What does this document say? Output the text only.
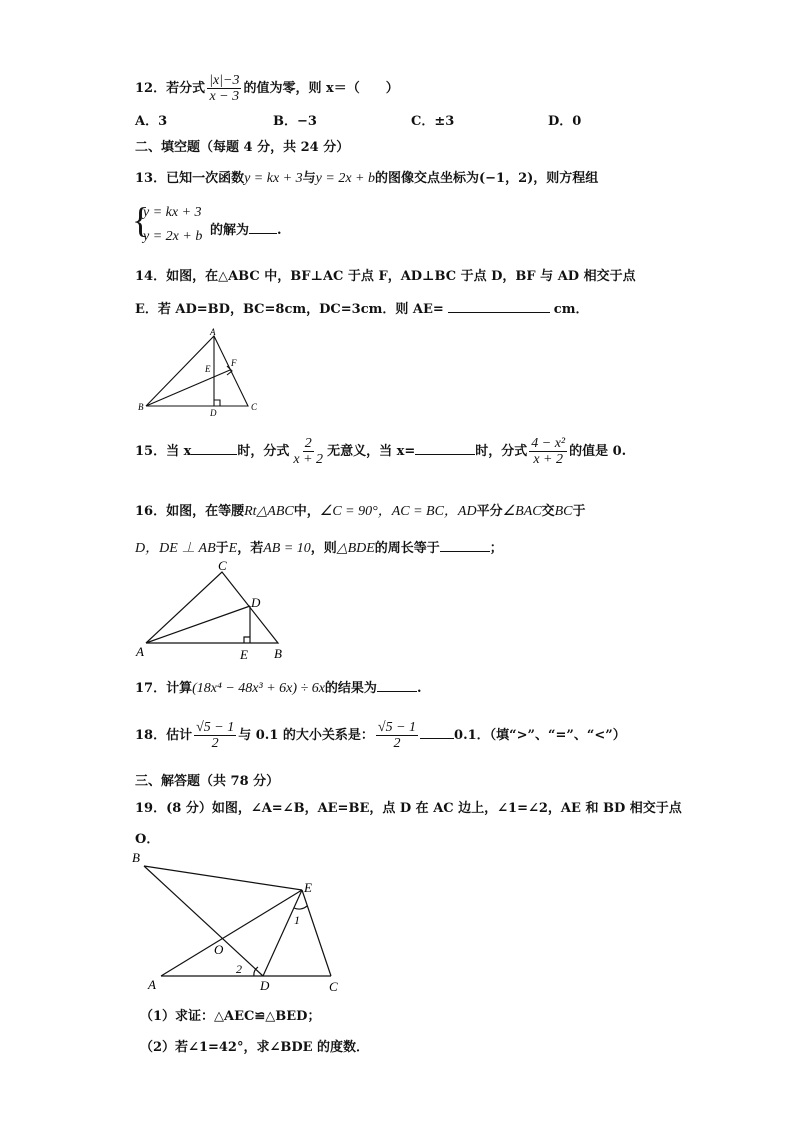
12．若分式 $\frac{|x|-3}{x - 3}$ 的值为零，则 x＝（　　）
A．3	B．−3	C．±3	D．0
二、填空题（每题 4 分，共 24 分）
13．已知一次函数y = kx + 3与y = 2x + b的图像交点坐标为(−1，2)，则方程组
{
y = kx + 3
y = 2x + b 的解为 .
14．如图，在△ABC 中，BF⊥AC 于点 F，AD⊥BC 于点 D，BF 与 AD 相交于点
E．若 AD=BD，BC=8cm，DC=3cm．则 AE=	cm．
A
B	C
D
E
F
15．当 x	时，分式 $\frac{2}{x + 2}$ 无意义，当 x=	时，分式 $\frac{\text{4 − x²}}{x + 2}$ 的值是 0.
16．如图，在等腰Rt△ABC中，∠C = 90°，AC = BC，AD平分∠BAC交BC于
D，DE ⊥ AB于E，若AB = 10，则△BDE的周长等于	；
C
A	B
D
E
17．计算(18x⁴ − 48x³ + 6x) ÷ 6x的结果为	.
18．估计 $\frac{√5 - 1}{2}$ 与 0.1 的大小关系是： $\frac{√5 - 1}{2}$	0.1．（填“>”、“=”、“<”）
三、解答题（共 78 分）
19．(8 分）如图，∠A=∠B，AE=BE，点 D 在 AC 边上，∠1=∠2，AE 和 BD 相交于点
O．
B
E
A	D	C
O
1
2
（1）求证：△AEC≌△BED；
（2）若∠1=42°，求∠BDE 的度数．
